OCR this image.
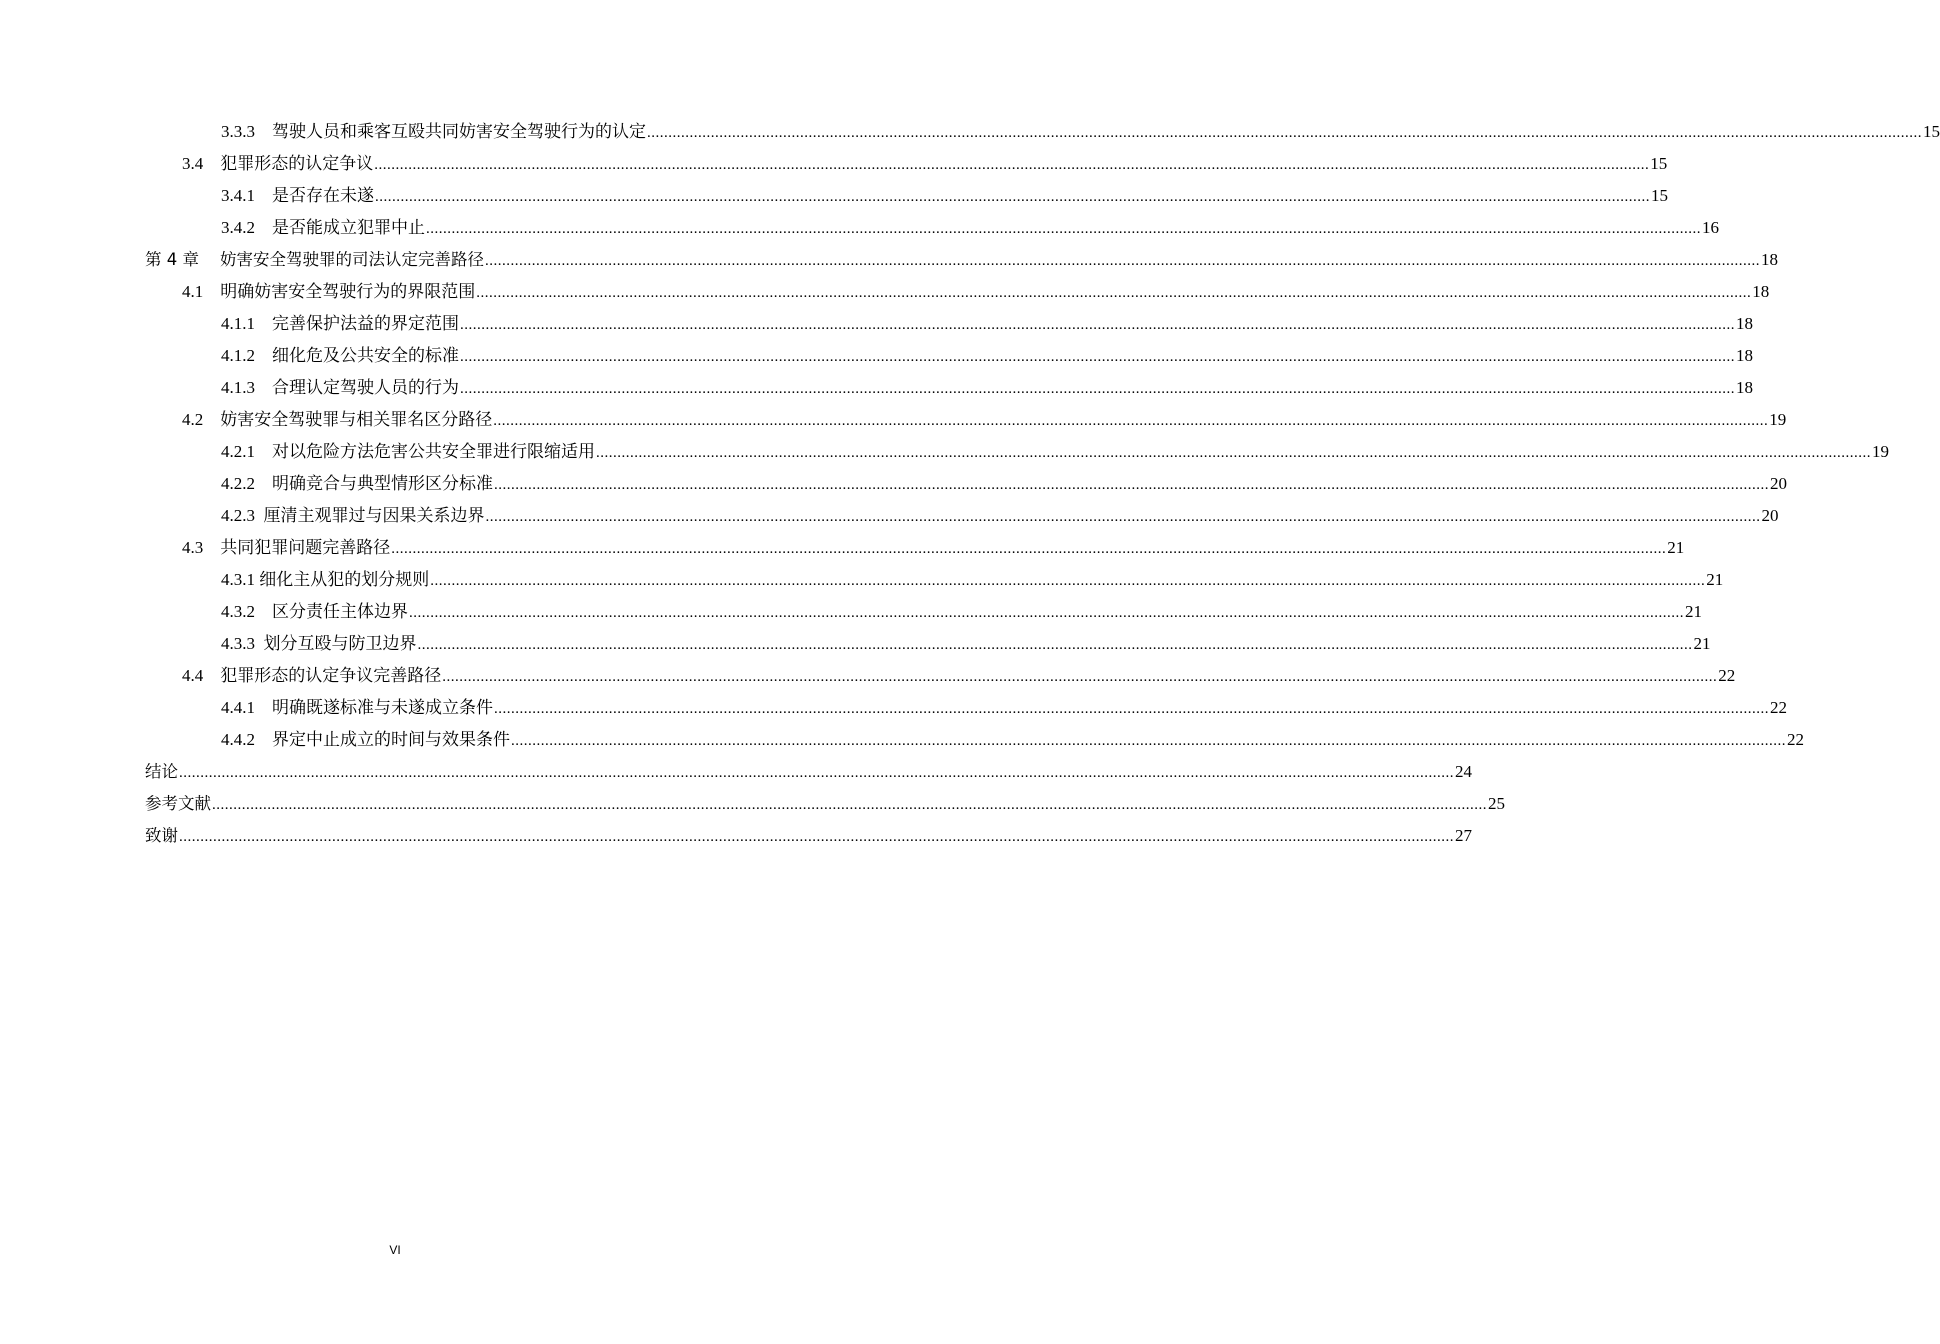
3.3.3    驾驶人员和乘客互殴共同妨害安全驾驶行为的认定 ............................................................................................................................................................................................................................................................................................................ 15
3.4    犯罪形态的认定争议 ............................................................................................................................................................................................................................................................................................................ 15
3.4.1    是否存在未遂 ............................................................................................................................................................................................................................................................................................................ 15
3.4.2    是否能成立犯罪中止 ............................................................................................................................................................................................................................................................................................................ 16
第 4 章    妨害安全驾驶罪的司法认定完善路径 ............................................................................................................................................................................................................................................................................................................ 18
4.1    明确妨害安全驾驶行为的界限范围 ............................................................................................................................................................................................................................................................................................................ 18
4.1.1    完善保护法益的界定范围 ............................................................................................................................................................................................................................................................................................................ 18
4.1.2    细化危及公共安全的标准 ............................................................................................................................................................................................................................................................................................................ 18
4.1.3    合理认定驾驶人员的行为 ............................................................................................................................................................................................................................................................................................................ 18
4.2    妨害安全驾驶罪与相关罪名区分路径 ............................................................................................................................................................................................................................................................................................................ 19
4.2.1    对以危险方法危害公共安全罪进行限缩适用 ............................................................................................................................................................................................................................................................................................................ 19
4.2.2    明确竞合与典型情形区分标准 ............................................................................................................................................................................................................................................................................................................ 20
4.2.3  厘清主观罪过与因果关系边界 ............................................................................................................................................................................................................................................................................................................ 20
4.3    共同犯罪问题完善路径 ............................................................................................................................................................................................................................................................................................................ 21
4.3.1 细化主从犯的划分规则 ............................................................................................................................................................................................................................................................................................................ 21
4.3.2    区分责任主体边界 ............................................................................................................................................................................................................................................................................................................ 21
4.3.3  划分互殴与防卫边界 ............................................................................................................................................................................................................................................................................................................ 21
4.4    犯罪形态的认定争议完善路径 ............................................................................................................................................................................................................................................................................................................ 22
4.4.1    明确既遂标准与未遂成立条件 ............................................................................................................................................................................................................................................................................................................ 22
4.4.2    界定中止成立的时间与效果条件 ............................................................................................................................................................................................................................................................................................................ 22
结论 ............................................................................................................................................................................................................................................................................................................ 24
参考文献 ............................................................................................................................................................................................................................................................................................................ 25
致谢 ............................................................................................................................................................................................................................................................................................................ 27
VI
